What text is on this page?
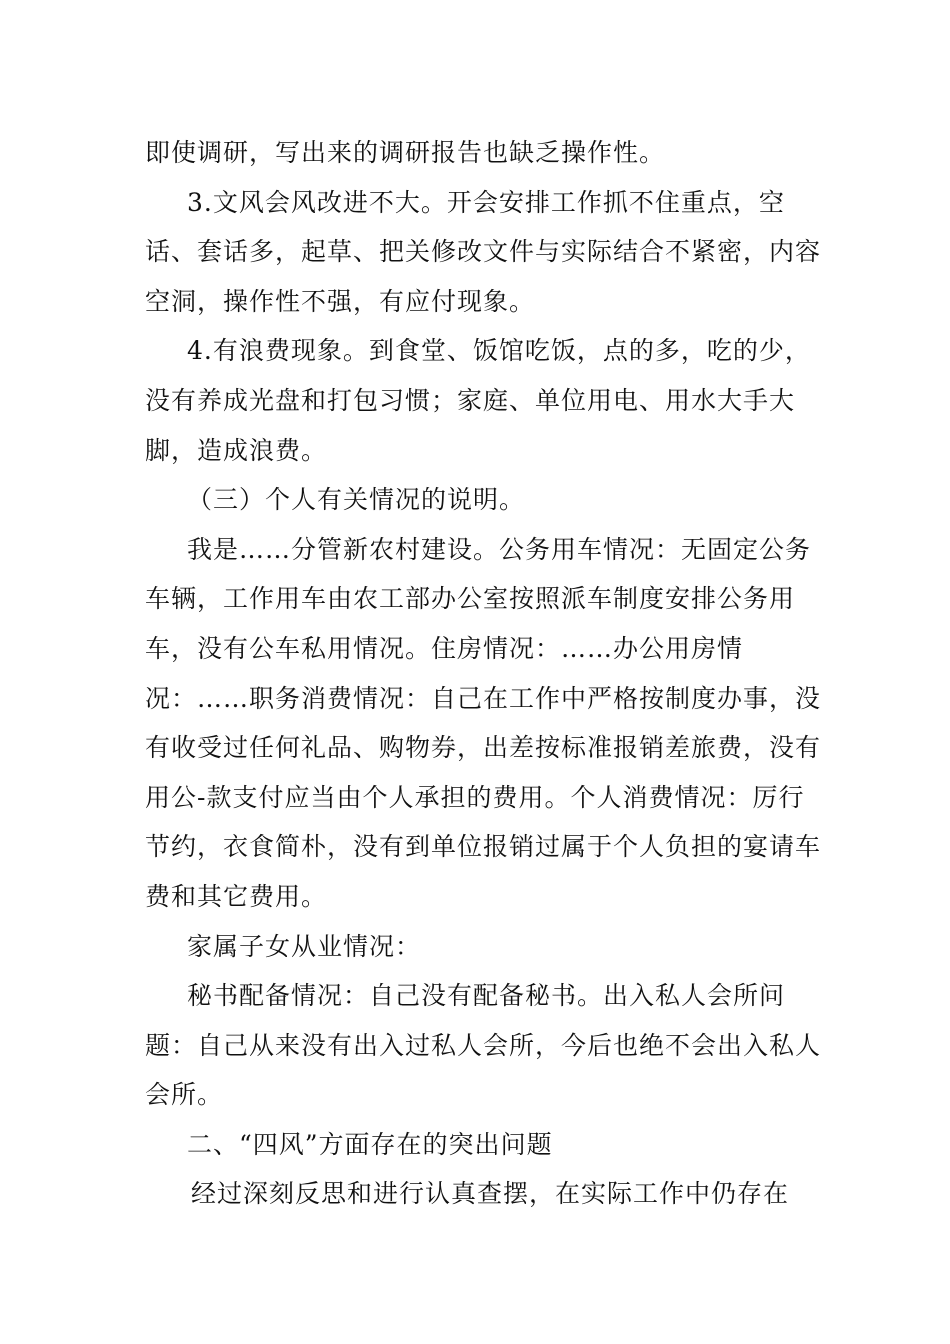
即使调研，写出来的调研报告也缺乏操作性。

3.文风会风改进不大。开会安排工作抓不住重点，空话、套话多，起草、把关修改文件与实际结合不紧密，内容空洞，操作性不强，有应付现象。

4.有浪费现象。到食堂、饭馆吃饭，点的多，吃的少，没有养成光盘和打包习惯；家庭、单位用电、用水大手大脚，造成浪费。

（三）个人有关情况的说明。

我是……分管新农村建设。公务用车情况：无固定公务车辆，工作用车由农工部办公室按照派车制度安排公务用车，没有公车私用情况。住房情况：……办公用房情况：……职务消费情况：自己在工作中严格按制度办事，没有收受过任何礼品、购物券，出差按标准报销差旅费，没有用公-款支付应当由个人承担的费用。个人消费情况：厉行节约，衣食简朴，没有到单位报销过属于个人负担的宴请车费和其它费用。

家属子女从业情况：

秘书配备情况：自己没有配备秘书。出入私人会所问题：自己从来没有出入过私人会所，今后也绝不会出入私人会所。

二、“四风”方面存在的突出问题

经过深刻反思和进行认真查摆，在实际工作中仍存在
